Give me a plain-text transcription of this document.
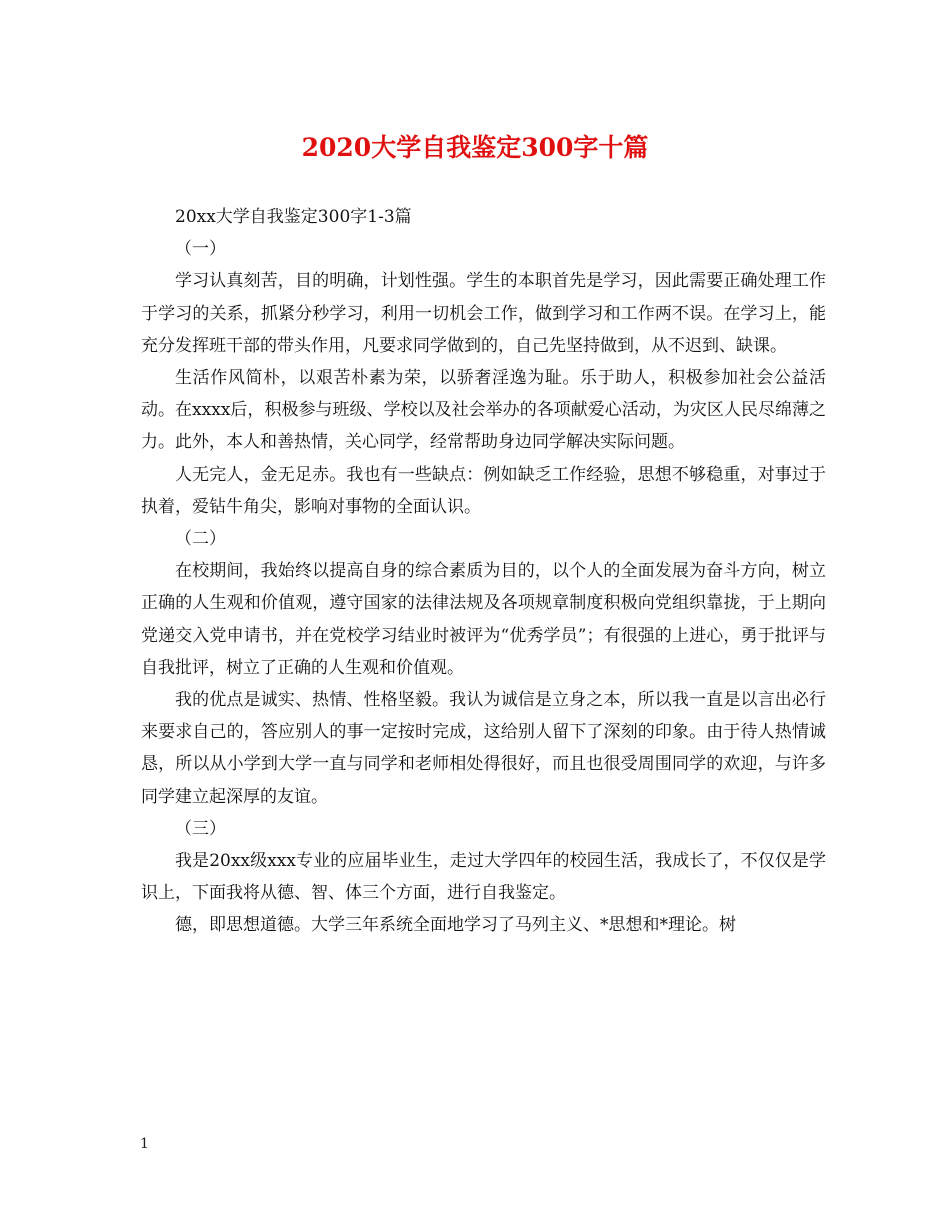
2020大学自我鉴定300字十篇

20xx大学自我鉴定300字1-3篇

（一）

学习认真刻苦，目的明确，计划性强。学生的本职首先是学习，因此需要正确处理工作于学习的关系，抓紧分秒学习，利用一切机会工作，做到学习和工作两不误。在学习上，能充分发挥班干部的带头作用，凡要求同学做到的，自己先坚持做到，从不迟到、缺课。

生活作风简朴，以艰苦朴素为荣，以骄奢淫逸为耻。乐于助人，积极参加社会公益活动。在xxxx后，积极参与班级、学校以及社会举办的各项献爱心活动，为灾区人民尽绵薄之力。此外，本人和善热情，关心同学，经常帮助身边同学解决实际问题。

人无完人，金无足赤。我也有一些缺点：例如缺乏工作经验，思想不够稳重，对事过于执着，爱钻牛角尖，影响对事物的全面认识。

（二）

在校期间，我始终以提高自身的综合素质为目的，以个人的全面发展为奋斗方向，树立正确的人生观和价值观，遵守国家的法律法规及各项规章制度积极向党组织靠拢，于上期向党递交入党申请书，并在党校学习结业时被评为“优秀学员”；有很强的上进心，勇于批评与自我批评，树立了正确的人生观和价值观。

我的优点是诚实、热情、性格坚毅。我认为诚信是立身之本，所以我一直是以言出必行来要求自己的，答应别人的事一定按时完成，这给别人留下了深刻的印象。由于待人热情诚恳，所以从小学到大学一直与同学和老师相处得很好，而且也很受周围同学的欢迎，与许多同学建立起深厚的友谊。

（三）

我是20xx级xxx专业的应届毕业生，走过大学四年的校园生活，我成长了，不仅仅是学识上，下面我将从德、智、体三个方面，进行自我鉴定。

德，即思想道德。大学三年系统全面地学习了马列主义、*思想和*理论。树

1
